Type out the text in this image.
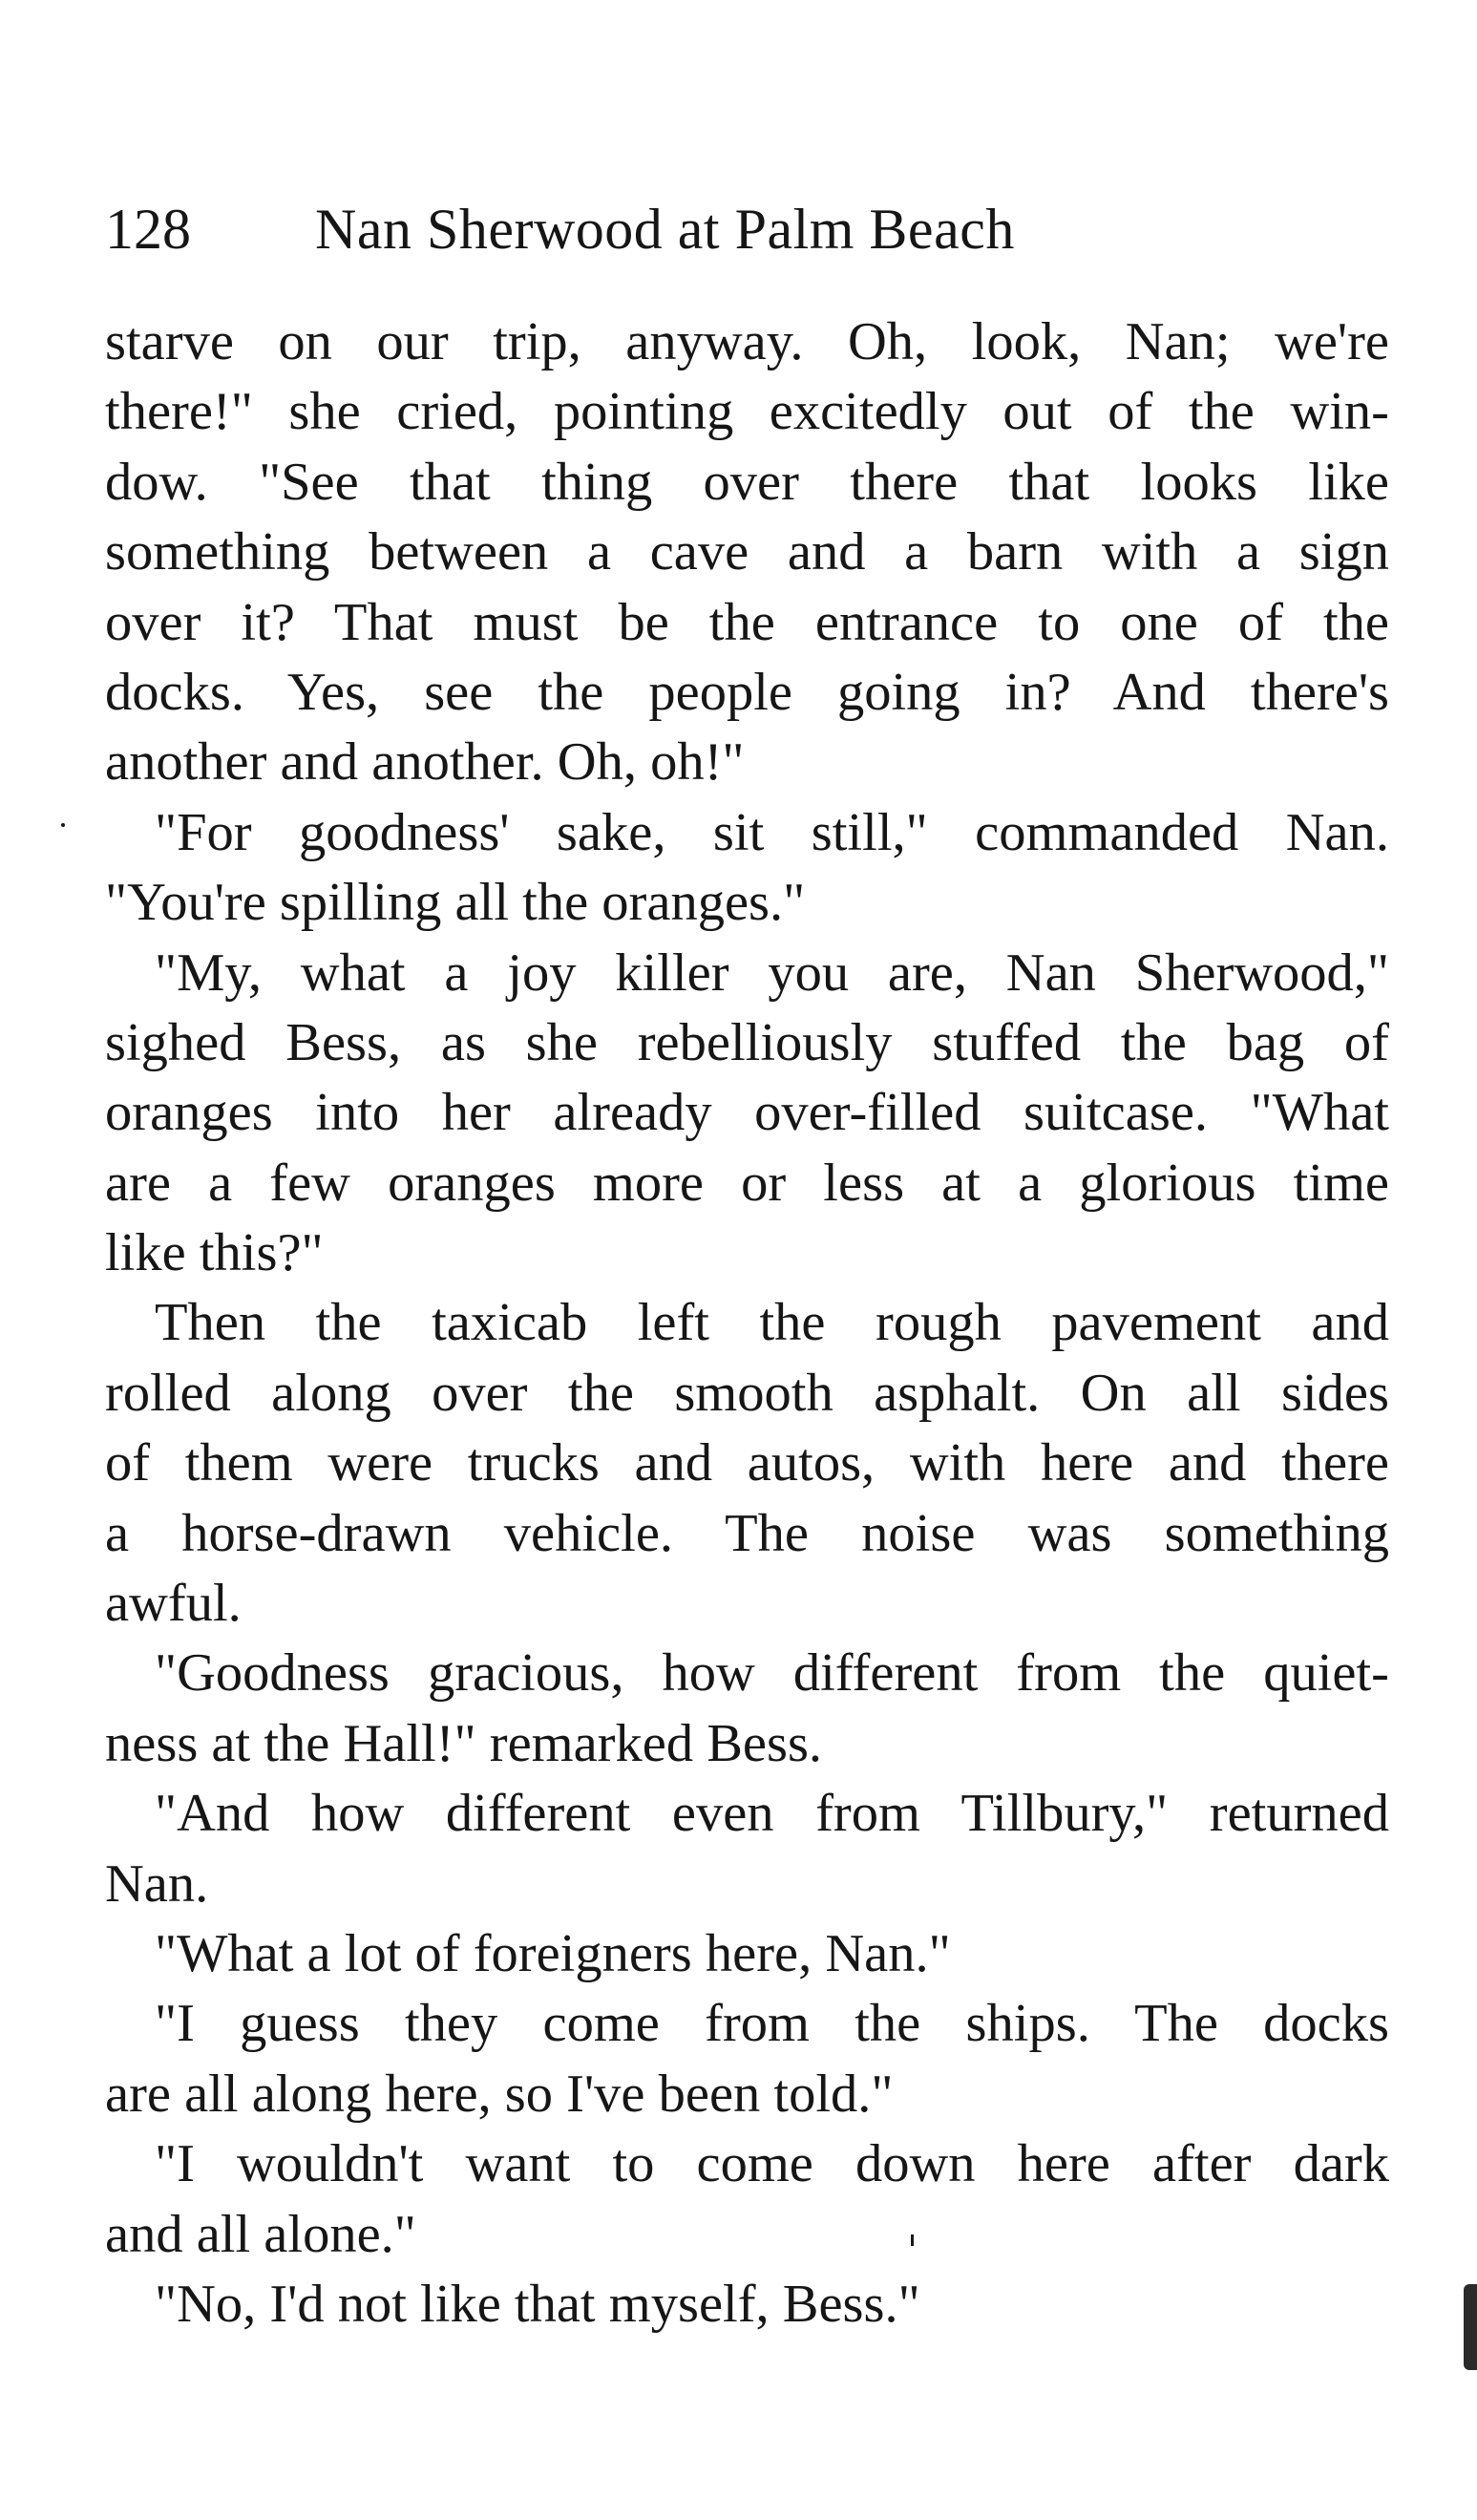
128 Nan Sherwood at Palm Beach
starve on our trip, anyway. Oh, look, Nan; we're
there!" she cried, pointing excitedly out of the win-
dow. "See that thing over there that looks like
something between a cave and a barn with a sign
over it? That must be the entrance to one of the
docks. Yes, see the people going in? And there's
another and another. Oh, oh!"
"For goodness' sake, sit still," commanded Nan.
"You're spilling all the oranges."
"My, what a joy killer you are, Nan Sherwood,"
sighed Bess, as she rebelliously stuffed the bag of
oranges into her already over-filled suitcase. "What
are a few oranges more or less at a glorious time
like this?"
Then the taxicab left the rough pavement and
rolled along over the smooth asphalt. On all sides
of them were trucks and autos, with here and there
a horse-drawn vehicle. The noise was something
awful.
"Goodness gracious, how different from the quiet-
ness at the Hall!" remarked Bess.
"And how different even from Tillbury," returned
Nan.
"What a lot of foreigners here, Nan."
"I guess they come from the ships. The docks
are all along here, so I've been told."
"I wouldn't want to come down here after dark
and all alone."
"No, I'd not like that myself, Bess."
